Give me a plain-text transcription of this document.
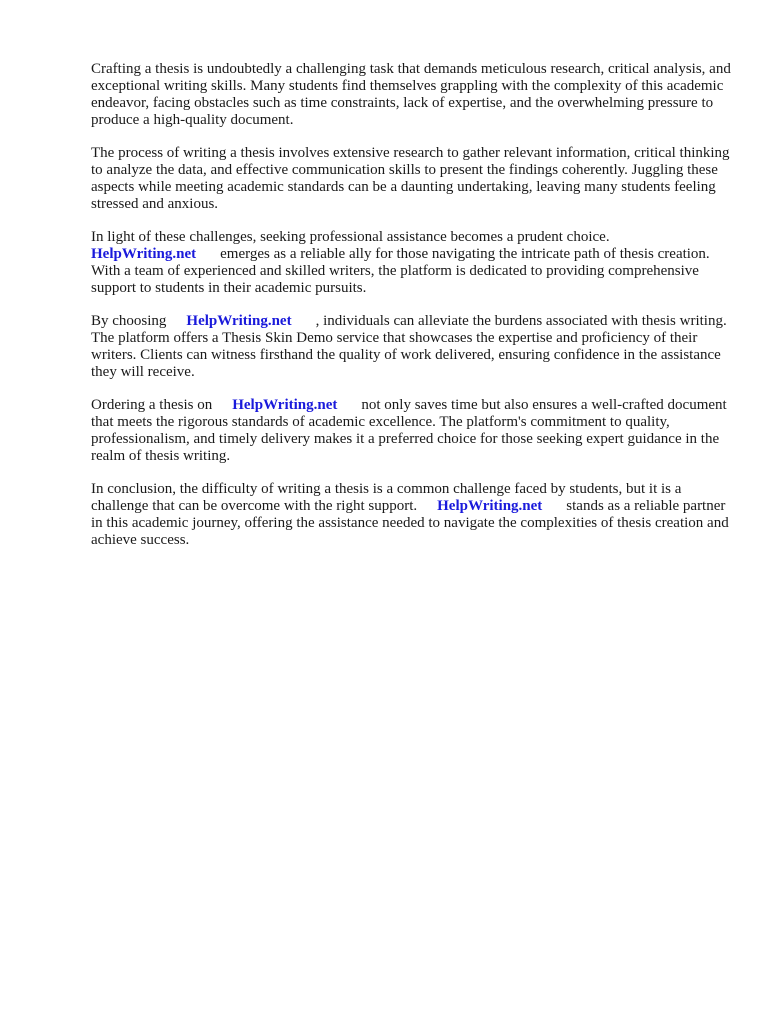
Crafting a thesis is undoubtedly a challenging task that demands meticulous research, critical analysis, and exceptional writing skills. Many students find themselves grappling with the complexity of this academic endeavor, facing obstacles such as time constraints, lack of expertise, and the overwhelming pressure to produce a high-quality document.

The process of writing a thesis involves extensive research to gather relevant information, critical thinking to analyze the data, and effective communication skills to present the findings coherently. Juggling these aspects while meeting academic standards can be a daunting undertaking, leaving many students feeling stressed and anxious.

In light of these challenges, seeking professional assistance becomes a prudent choice.
HelpWriting.net emerges as a reliable ally for those navigating the intricate path of thesis creation. With a team of experienced and skilled writers, the platform is dedicated to providing comprehensive support to students in their academic pursuits.

By choosing HelpWriting.net , individuals can alleviate the burdens associated with thesis writing. The platform offers a Thesis Skin Demo service that showcases the expertise and proficiency of their writers. Clients can witness firsthand the quality of work delivered, ensuring confidence in the assistance they will receive.

Ordering a thesis on HelpWriting.net not only saves time but also ensures a well-crafted document that meets the rigorous standards of academic excellence. The platform's commitment to quality, professionalism, and timely delivery makes it a preferred choice for those seeking expert guidance in the realm of thesis writing.

In conclusion, the difficulty of writing a thesis is a common challenge faced by students, but it is a challenge that can be overcome with the right support. HelpWriting.net stands as a reliable partner in this academic journey, offering the assistance needed to navigate the complexities of thesis creation and achieve success.
